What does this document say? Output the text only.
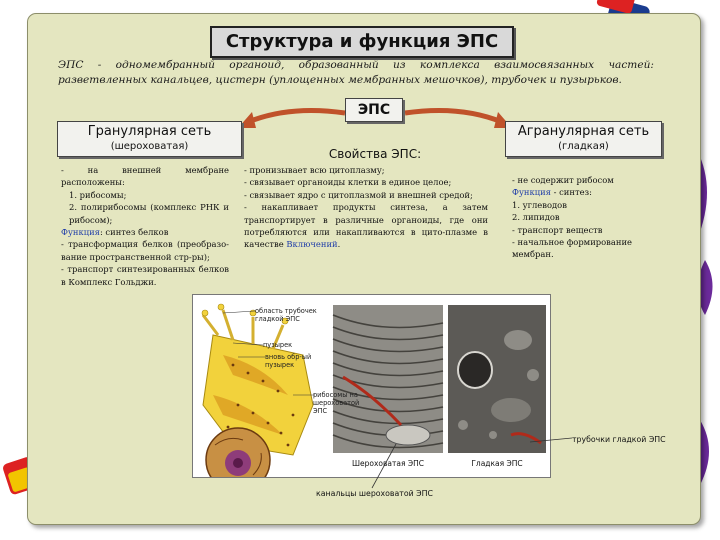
Структура и функция ЭПС
ЭПС - одномембранный органоид, образованный из комплекса взаимосвязанных частей: разветвленных канальцев, цистерн (уплощенных мембранных мешочков), трубочек и пузырьков.
ЭПС
Гранулярная сеть
(шероховатая)
Агранулярная сеть
(гладкая)
- на внешней мембране расположены:
1. рибосомы;
2. полирибосомы (комплекс РНК и рибосом);
Функция: синтез белков
- трансформация белков (преобразо-вание пространственной стр-ры);
- транспорт синтезированных белков в Комплекс Гольджи.
Свойства ЭПС:
- пронизывает всю цитоплазму;
- связывает органоиды клетки в единое целое;
- связывает ядро с цитоплазмой и внешней средой;
- накапливает продукты синтеза, а затем транспортирует в различные органоиды, где они потребляются или накапливаются в цито-плазме в качестве Включений.
- не содержит рибосом
Функция - синтез:
1. углеводов
2. липидов
- транспорт веществ
- начальное формирование мембран.
область трубочек гладкой ЭПС
пузырек
вновь обр-ый пузырек
рибосомы на шероховатой ЭПС
Шероховатая ЭПС	Гладкая ЭПС
трубочки гладкой ЭПС
канальцы шероховатой ЭПС
